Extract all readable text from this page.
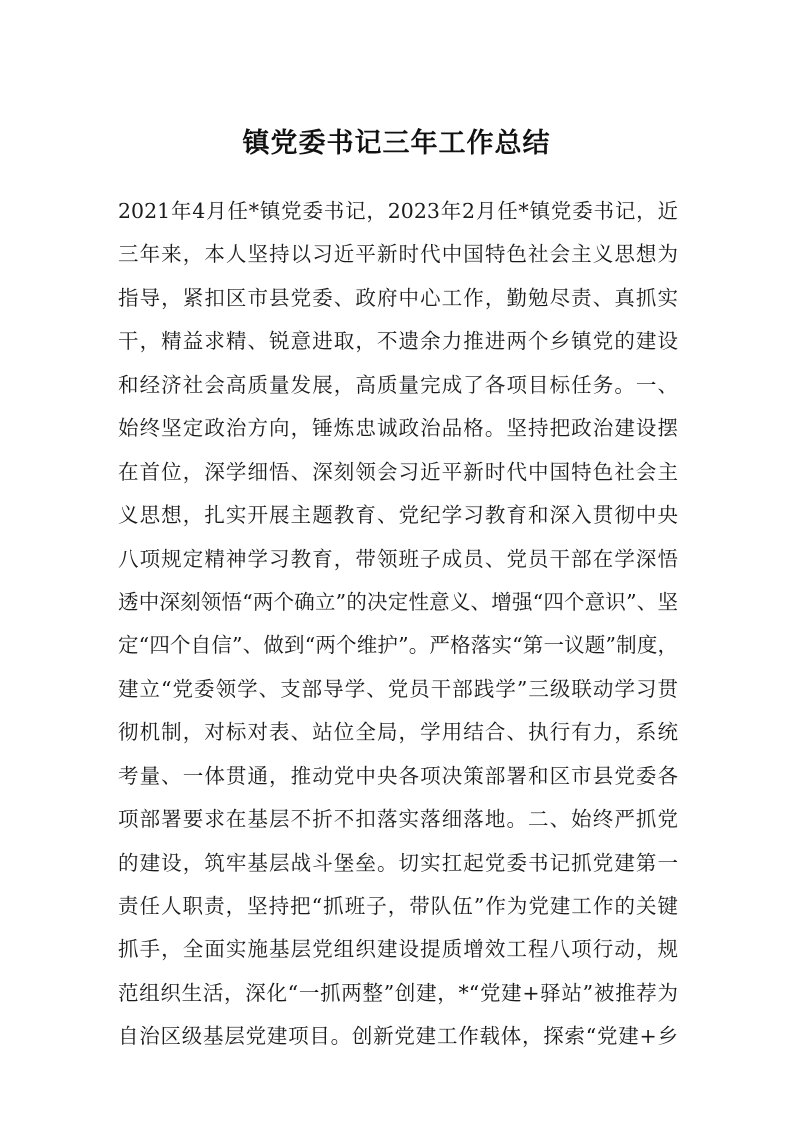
镇党委书记三年工作总结
2021年4月任*镇党委书记，2023年2月任*镇党委书记，近
三年来，本人坚持以习近平新时代中国特色社会主义思想为
指导，紧扣区市县党委、政府中心工作，勤勉尽责、真抓实
干，精益求精、锐意进取，不遗余力推进两个乡镇党的建设
和经济社会高质量发展，高质量完成了各项目标任务。一、
始终坚定政治方向，锤炼忠诚政治品格。坚持把政治建设摆
在首位，深学细悟、深刻领会习近平新时代中国特色社会主
义思想，扎实开展主题教育、党纪学习教育和深入贯彻中央
八项规定精神学习教育，带领班子成员、党员干部在学深悟
透中深刻领悟“两个确立”的决定性意义、增强“四个意识”、坚
定“四个自信”、做到“两个维护”。严格落实“第一议题”制度，
建立“党委领学、支部导学、党员干部践学”三级联动学习贯
彻机制，对标对表、站位全局，学用结合、执行有力，系统
考量、一体贯通，推动党中央各项决策部署和区市县党委各
项部署要求在基层不折不扣落实落细落地。二、始终严抓党
的建设，筑牢基层战斗堡垒。切实扛起党委书记抓党建第一
责任人职责，坚持把“抓班子，带队伍”作为党建工作的关键
抓手，全面实施基层党组织建设提质增效工程八项行动，规
范组织生活，深化“一抓两整”创建，*“党建+驿站”被推荐为
自治区级基层党建项目。创新党建工作载体，探索“党建+乡
